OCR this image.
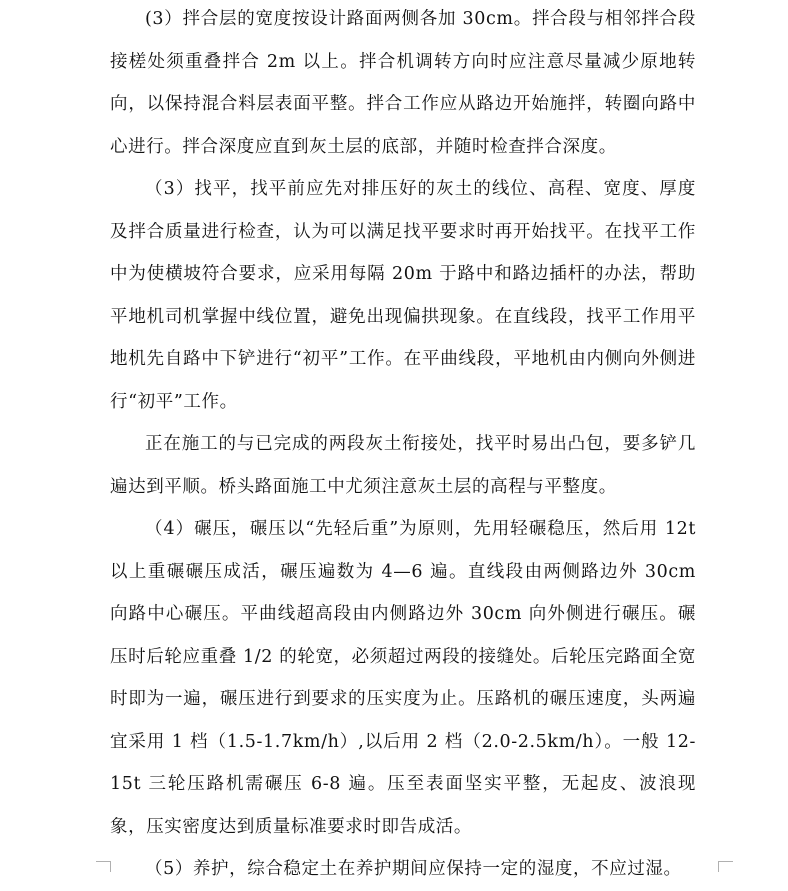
(3）拌合层的宽度按设计路面两侧各加 30cm。拌合段与相邻拌合段接槎处须重叠拌合 2m 以上。拌合机调转方向时应注意尽量减少原地转向，以保持混合料层表面平整。拌合工作应从路边开始施拌，转圈向路中心进行。拌合深度应直到灰土层的底部，并随时检查拌合深度。

（3）找平，找平前应先对排压好的灰土的线位、高程、宽度、厚度及拌合质量进行检查，认为可以满足找平要求时再开始找平。在找平工作中为使横坡符合要求，应采用每隔 20m 于路中和路边插杆的办法，帮助平地机司机掌握中线位置，避免出现偏拱现象。在直线段，找平工作用平地机先自路中下铲进行“初平”工作。在平曲线段，平地机由内侧向外侧进行“初平”工作。

正在施工的与已完成的两段灰土衔接处，找平时易出凸包，要多铲几遍达到平顺。桥头路面施工中尤须注意灰土层的高程与平整度。

（4）碾压，碾压以“先轻后重”为原则，先用轻碾稳压，然后用 12t 以上重碾碾压成活，碾压遍数为 4—6 遍。直线段由两侧路边外 30cm 向路中心碾压。平曲线超高段由内侧路边外 30cm 向外侧进行碾压。碾压时后轮应重叠 1/2 的轮宽，必须超过两段的接缝处。后轮压完路面全宽时即为一遍，碾压进行到要求的压实度为止。压路机的碾压速度，头两遍宜采用 1 档（1.5-1.7km/h）,以后用 2 档（2.0-2.5km/h）。一般 12-15t 三轮压路机需碾压 6-8 遍。压至表面坚实平整，无起皮、波浪现象，压实密度达到质量标准要求时即告成活。

（5）养护，综合稳定土在养护期间应保持一定的湿度，不应过湿。
